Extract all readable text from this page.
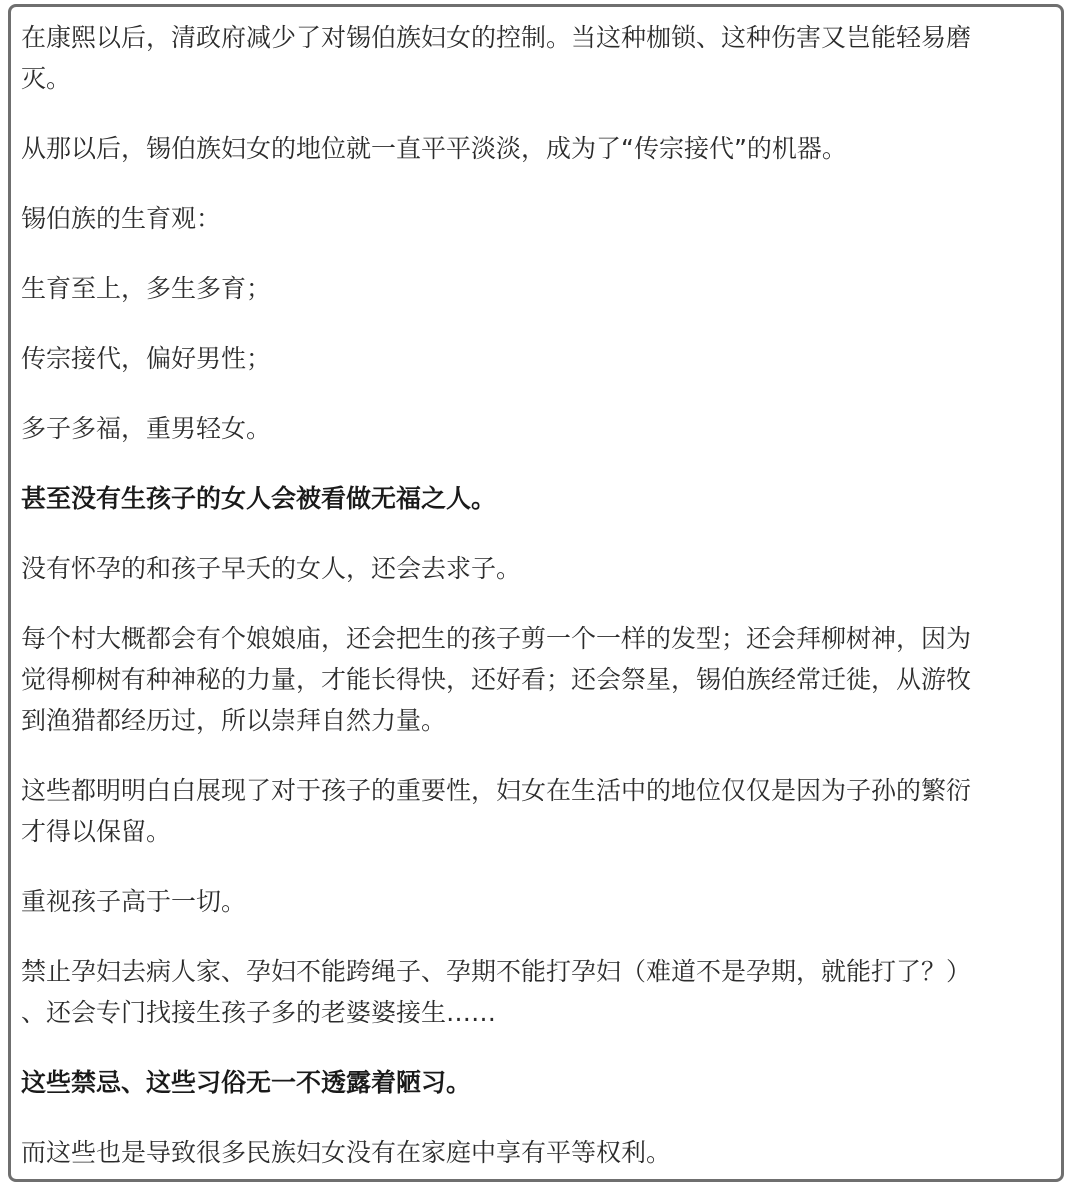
在康熙以后，清政府减少了对锡伯族妇女的控制。当这种枷锁、这种伤害又岂能轻易磨
灭。
从那以后，锡伯族妇女的地位就一直平平淡淡，成为了“传宗接代”的机器。
锡伯族的生育观：
生育至上，多生多育；
传宗接代，偏好男性；
多子多福，重男轻女。
甚至没有生孩子的女人会被看做无福之人。
没有怀孕的和孩子早夭的女人，还会去求子。
每个村大概都会有个娘娘庙，还会把生的孩子剪一个一样的发型；还会拜柳树神，因为
觉得柳树有种神秘的力量，才能长得快，还好看；还会祭星，锡伯族经常迁徙，从游牧
到渔猎都经历过，所以崇拜自然力量。
这些都明明白白展现了对于孩子的重要性，妇女在生活中的地位仅仅是因为子孙的繁衍
才得以保留。
重视孩子高于一切。
禁止孕妇去病人家、孕妇不能跨绳子、孕期不能打孕妇（难道不是孕期，就能打了？）
、还会专门找接生孩子多的老婆婆接生……
这些禁忌、这些习俗无一不透露着陋习。
而这些也是导致很多民族妇女没有在家庭中享有平等权利。
